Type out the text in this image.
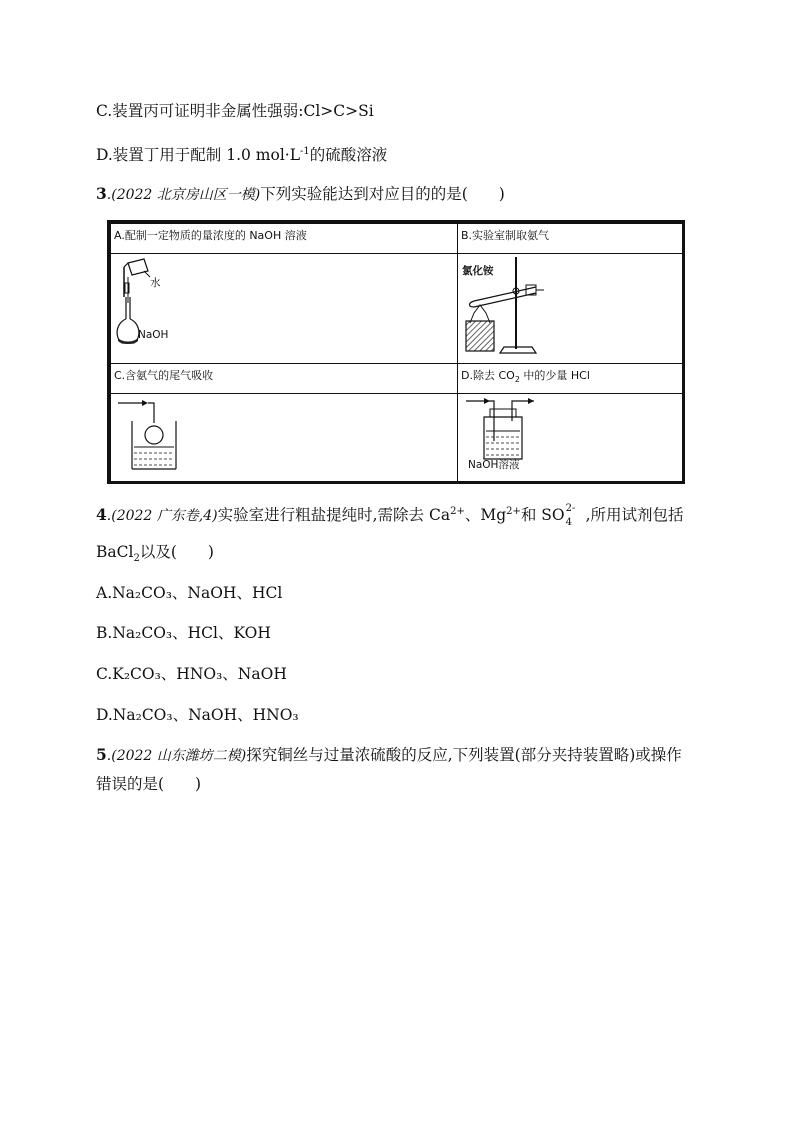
C.装置丙可证明非金属性强弱:Cl>C>Si
D.装置丁用于配制 1.0 $mol\cdot L^{-1}$的硫酸溶液
3.(2022 北京房山区一模)下列实验能达到对应目的的是(　　)
A.配制一定物质的量浓度的 NaOH 溶液	B.实验室制取氨气
C.含氨气的尾气吸收	D.除去 $CO_2$ 中的少量 HCl
水
NaOH
氯化铵
NaOH溶液
4.(2022 广东卷,4)实验室进行粗盐提纯时,需除去 $Ca^{2+}$、$Mg^{2+}$和 SO 2-
4 ,所用试剂包括
BaCl$_2$以及(　　)
A.Na₂CO₃、NaOH、HCl
B.Na₂CO₃、HCl、KOH
C.K₂CO₃、HNO₃、NaOH
D.Na₂CO₃、NaOH、HNO₃
5.(2022 山东潍坊二模)探究铜丝与过量浓硫酸的反应,下列装置(部分夹持装置略)或操作
错误的是(　　)
